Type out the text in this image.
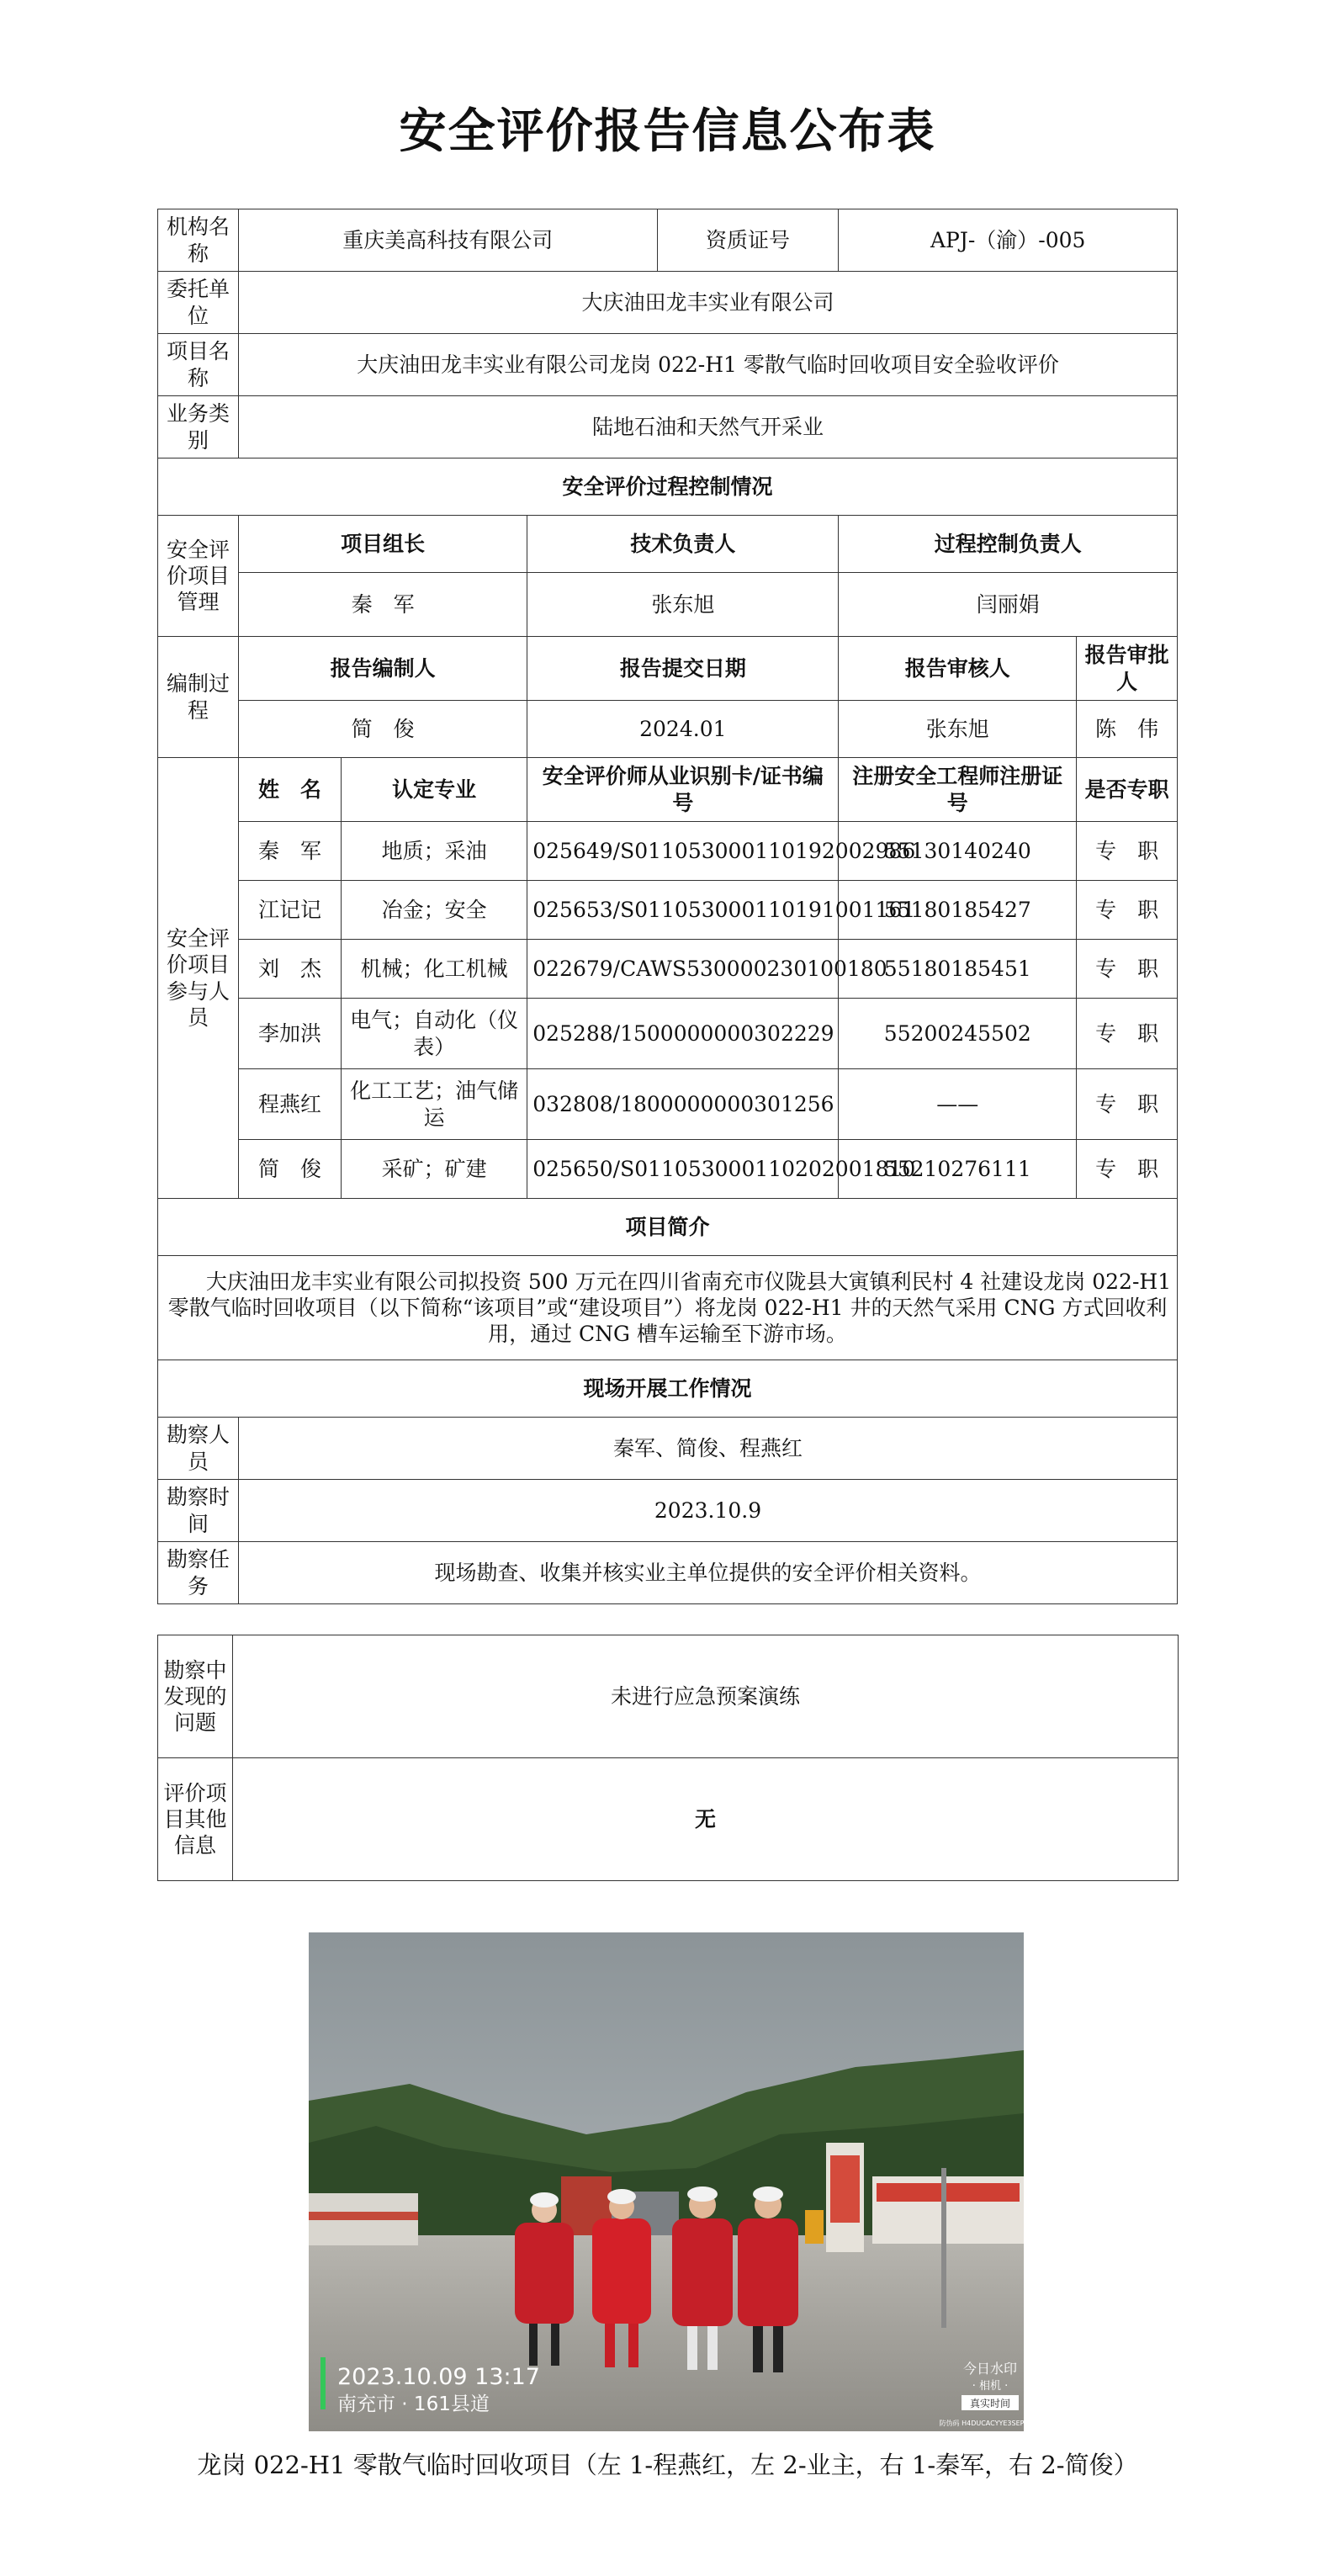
安全评价报告信息公布表
机构名称	重庆美高科技有限公司			资质证号	APJ-（渝）-005	
委托单位	大庆油田龙丰实业有限公司					
项目名称	大庆油田龙丰实业有限公司龙岗 022-H1 零散气临时回收项目安全验收评价					
业务类别	陆地石油和天然气开采业					
安全评价过程控制情况						
安全评价项目管理	项目组长		技术负责人		过程控制负责人	
	秦　军		张东旭		闫丽娟	
编制过程	报告编制人		报告提交日期		报告审核人	报告审批人
	简　俊		2024.01		张东旭	陈　伟
安全评价项目参与人员	姓　名	认定专业	安全评价师从业识别卡/证书编号		注册安全工程师注册证号	是否专职
	秦　军	地质；采油	025649/S011053000110192002986		55130140240	专　职
	江记记	冶金；安全	025653/S011053000110191001161		55180185427	专　职
	刘　杰	机械；化工机械	022679/CAWS530000230100180		55180185451	专　职
	李加洪	电气；自动化（仪表）	025288/1500000000302229		55200245502	专　职
	程燕红	化工工艺；油气储运	032808/1800000000301256		——	专　职
	简　俊	采矿；矿建	025650/S011053000110202001810		55210276111	专　职
项目简介						
大庆油田龙丰实业有限公司拟投资 500 万元在四川省南充市仪陇县大寅镇利民村 4 社建设龙岗 022-H1 零散气临时回收项目（以下简称“该项目”或“建设项目”）将龙岗 022-H1 井的天然气采用 CNG 方式回收利用，通过 CNG 槽车运输至下游市场。						
现场开展工作情况						
勘察人员	秦军、简俊、程燕红					
勘察时间	2023.10.9					
勘察任务	现场勘查、收集并核实业主单位提供的安全评价相关资料。					
勘察中发现的问题	未进行应急预案演练
评价项目其他信息	无
2023.10.09 13:17
南充市 · 161县道
今日水印
· 相机 ·
真实时间
防伪码 H4DUCACYYE3SEP
龙岗 022-H1 零散气临时回收项目（左 1-程燕红，左 2-业主，右 1-秦军，右 2-简俊）
